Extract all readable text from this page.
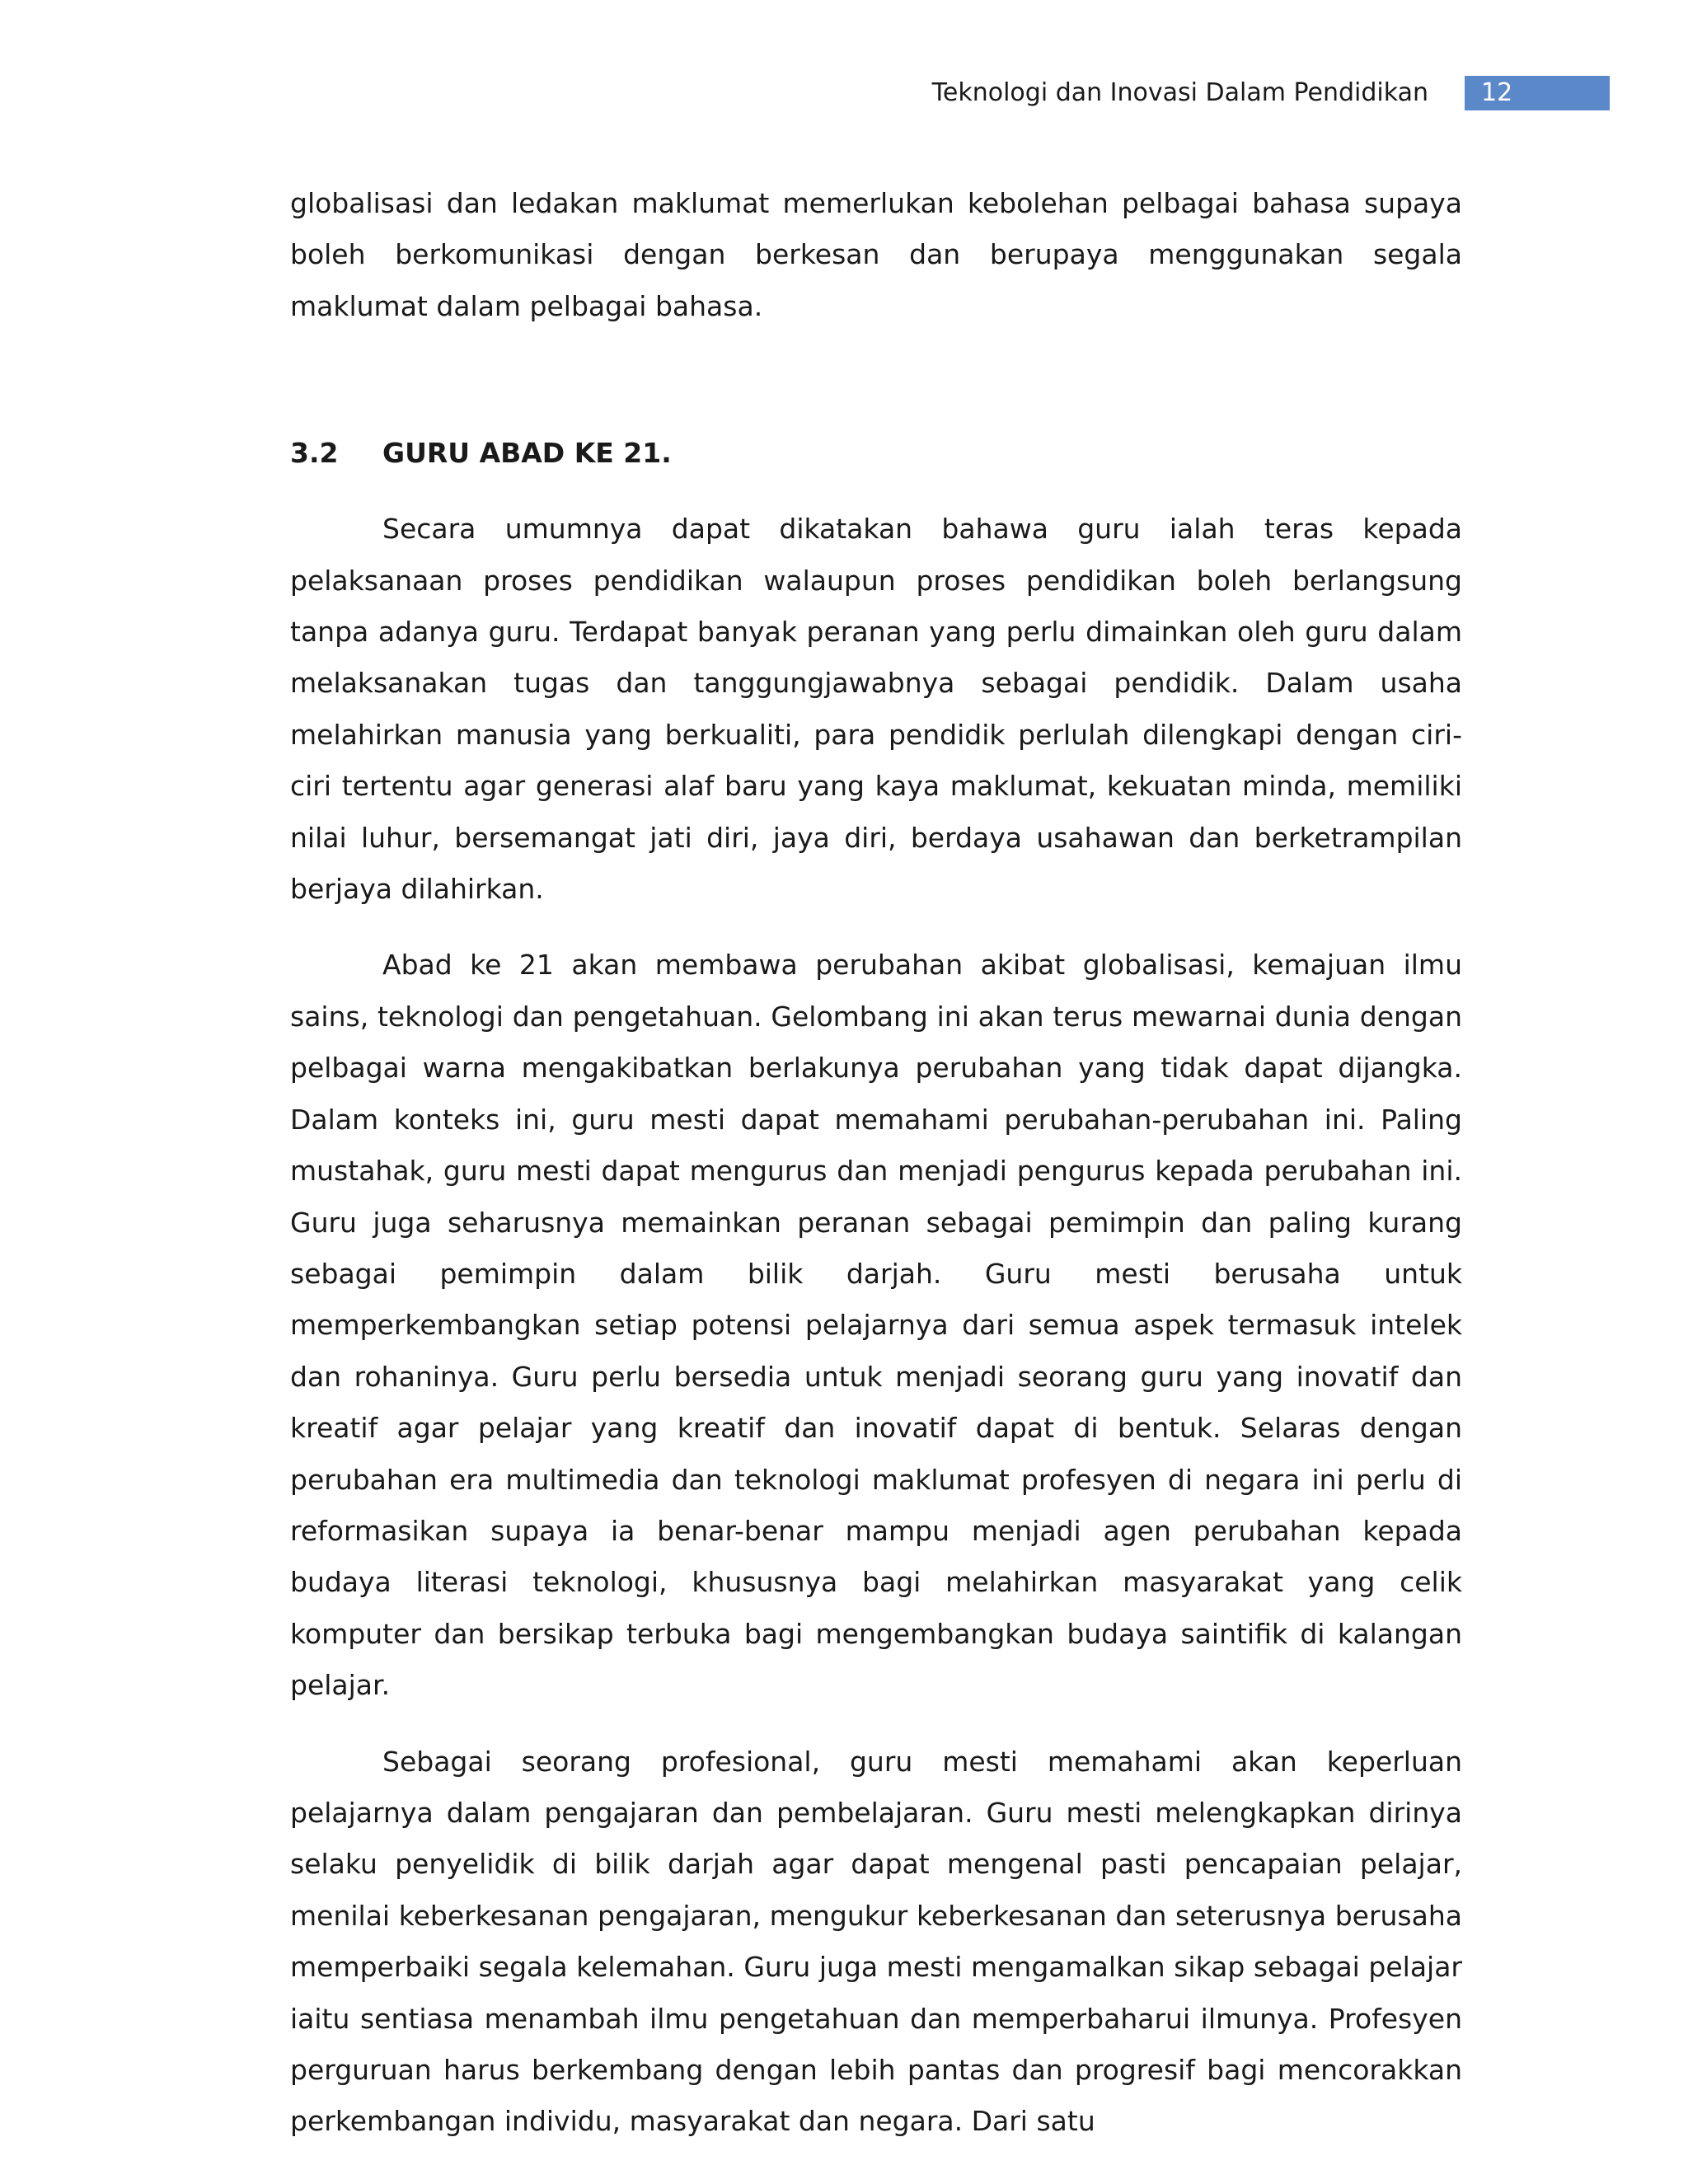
Teknologi dan Inovasi Dalam Pendidikan 12

globalisasi dan ledakan maklumat memerlukan kebolehan pelbagai bahasa supaya boleh berkomunikasi dengan berkesan dan berupaya menggunakan segala maklumat dalam pelbagai bahasa.

3.2	GURU ABAD KE 21.

Secara umumnya dapat dikatakan bahawa guru ialah teras kepada pelaksanaan proses pendidikan walaupun proses pendidikan boleh berlangsung tanpa adanya guru. Terdapat banyak peranan yang perlu dimainkan oleh guru dalam melaksanakan tugas dan tanggungjawabnya sebagai pendidik. Dalam usaha melahirkan manusia yang berkualiti, para pendidik perlulah dilengkapi dengan ciri-ciri tertentu agar generasi alaf baru yang kaya maklumat, kekuatan minda, memiliki nilai luhur, bersemangat jati diri, jaya diri, berdaya usahawan dan berketrampilan berjaya dilahirkan.

Abad ke 21 akan membawa perubahan akibat globalisasi, kemajuan ilmu sains, teknologi dan pengetahuan. Gelombang ini akan terus mewarnai dunia dengan pelbagai warna mengakibatkan berlakunya perubahan yang tidak dapat dijangka. Dalam konteks ini, guru mesti dapat memahami perubahan-perubahan ini. Paling mustahak, guru mesti dapat mengurus dan menjadi pengurus kepada perubahan ini. Guru juga seharusnya memainkan peranan sebagai pemimpin dan paling kurang sebagai pemimpin dalam bilik darjah. Guru mesti berusaha untuk memperkembangkan setiap potensi pelajarnya dari semua aspek termasuk intelek dan rohaninya. Guru perlu bersedia untuk menjadi seorang guru yang inovatif dan kreatif agar pelajar yang kreatif dan inovatif dapat di bentuk. Selaras dengan perubahan era multimedia dan teknologi maklumat profesyen di negara ini perlu di reformasikan supaya ia benar-benar mampu menjadi agen perubahan kepada budaya literasi teknologi, khususnya bagi melahirkan masyarakat yang celik komputer dan bersikap terbuka bagi mengembangkan budaya saintifik di kalangan pelajar.

Sebagai seorang profesional, guru mesti memahami akan keperluan pelajarnya dalam pengajaran dan pembelajaran. Guru mesti melengkapkan dirinya selaku penyelidik di bilik darjah agar dapat mengenal pasti pencapaian pelajar, menilai keberkesanan pengajaran, mengukur keberkesanan dan seterusnya berusaha memperbaiki segala kelemahan. Guru juga mesti mengamalkan sikap sebagai pelajar iaitu sentiasa menambah ilmu pengetahuan dan memperbaharui ilmunya. Profesyen perguruan harus berkembang dengan lebih pantas dan progresif bagi mencorakkan perkembangan individu, masyarakat dan negara. Dari satu
